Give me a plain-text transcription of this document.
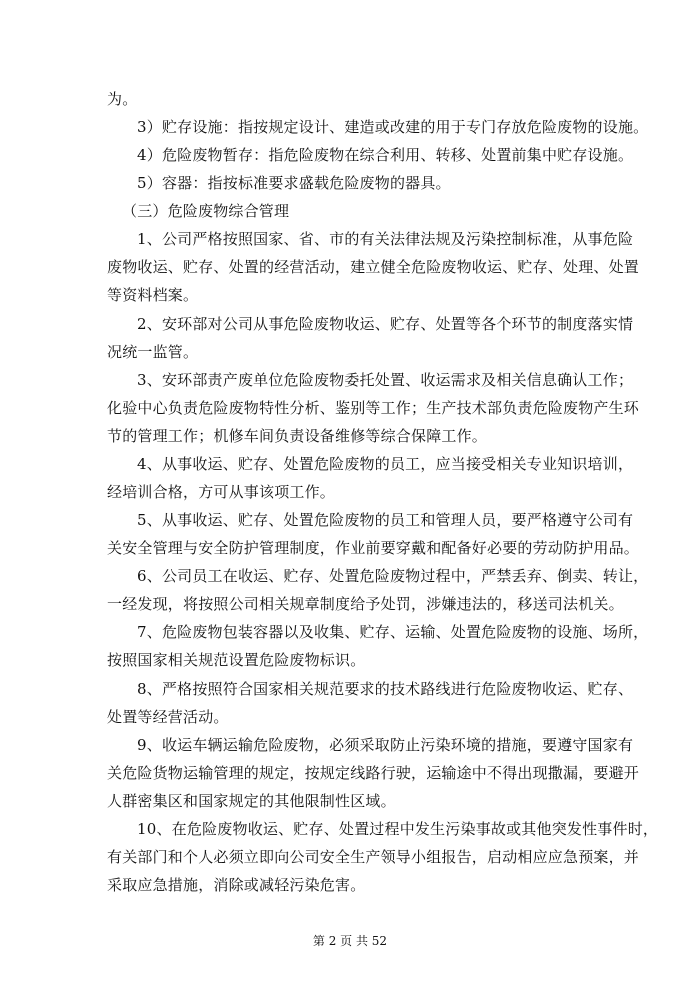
为。
3）贮存设施：指按规定设计、建造或改建的用于专门存放危险废物的设施。
4）危险废物暂存：指危险废物在综合利用、转移、处置前集中贮存设施。
5）容器：指按标准要求盛载危险废物的器具。
（三）危险废物综合管理
1、公司严格按照国家、省、市的有关法律法规及污染控制标准，从事危险
废物收运、贮存、处置的经营活动，建立健全危险废物收运、贮存、处理、处置
等资料档案。
2、安环部对公司从事危险废物收运、贮存、处置等各个环节的制度落实情
况统一监管。
3、安环部责产废单位危险废物委托处置、收运需求及相关信息确认工作；
化验中心负责危险废物特性分析、鉴别等工作；生产技术部负责危险废物产生环
节的管理工作；机修车间负责设备维修等综合保障工作。
4、从事收运、贮存、处置危险废物的员工，应当接受相关专业知识培训，
经培训合格，方可从事该项工作。
5、从事收运、贮存、处置危险废物的员工和管理人员，要严格遵守公司有
关安全管理与安全防护管理制度，作业前要穿戴和配备好必要的劳动防护用品。
6、公司员工在收运、贮存、处置危险废物过程中，严禁丢弃、倒卖、转让，
一经发现，将按照公司相关规章制度给予处罚，涉嫌违法的，移送司法机关。
7、危险废物包装容器以及收集、贮存、运输、处置危险废物的设施、场所，
按照国家相关规范设置危险废物标识。
8、严格按照符合国家相关规范要求的技术路线进行危险废物收运、贮存、
处置等经营活动。
9、收运车辆运输危险废物，必须采取防止污染环境的措施，要遵守国家有
关危险货物运输管理的规定，按规定线路行驶，运输途中不得出现撒漏，要避开
人群密集区和国家规定的其他限制性区域。
10、在危险废物收运、贮存、处置过程中发生污染事故或其他突发性事件时，
有关部门和个人必须立即向公司安全生产领导小组报告，启动相应应急预案，并
采取应急措施，消除或减轻污染危害。
第 2 页 共 52
